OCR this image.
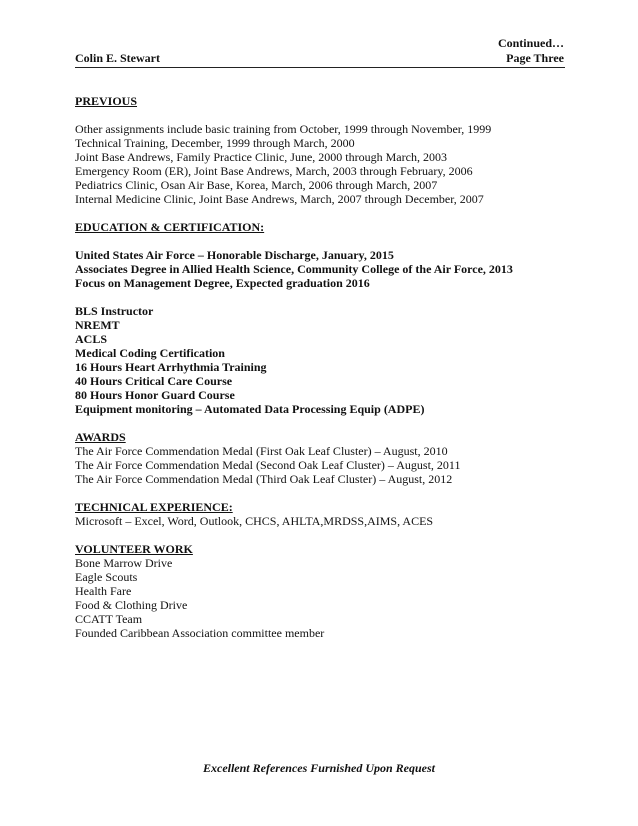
Continued…
Page Three
Colin E. Stewart
PREVIOUS
Other assignments include basic training from October, 1999 through November, 1999
Technical Training, December, 1999 through March, 2000
Joint Base Andrews, Family Practice Clinic, June, 2000 through March, 2003
Emergency Room (ER), Joint Base Andrews, March, 2003 through February, 2006
Pediatrics Clinic, Osan Air Base, Korea, March, 2006 through March, 2007
Internal Medicine Clinic, Joint Base Andrews, March, 2007 through December, 2007
EDUCATION & CERTIFICATION:
United States Air Force – Honorable Discharge, January, 2015
Associates Degree in Allied Health Science, Community College of the Air Force, 2013
Focus on Management Degree, Expected graduation 2016
BLS Instructor
NREMT
ACLS
Medical Coding Certification
16 Hours Heart Arrhythmia Training
40 Hours Critical Care Course
80 Hours Honor Guard Course
Equipment monitoring – Automated Data Processing Equip (ADPE)
AWARDS
The Air Force Commendation Medal (First Oak Leaf Cluster) – August, 2010
The Air Force Commendation Medal (Second Oak Leaf Cluster) – August, 2011
The Air Force Commendation Medal (Third Oak Leaf Cluster) – August, 2012
TECHNICAL EXPERIENCE:
Microsoft – Excel, Word, Outlook, CHCS, AHLTA,MRDSS,AIMS, ACES
VOLUNTEER WORK
Bone Marrow Drive
Eagle Scouts
Health Fare
Food & Clothing Drive
CCATT Team
Founded Caribbean Association committee member
Excellent References Furnished Upon Request
